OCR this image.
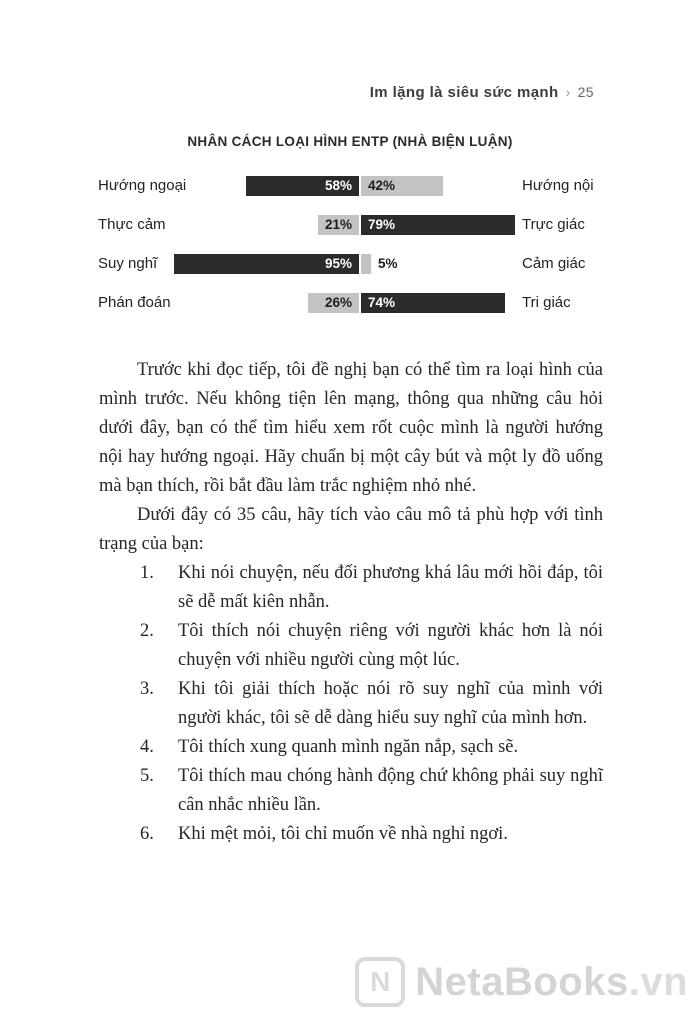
Im lặng là siêu sức mạnh › 25
NHÂN CÁCH LOẠI HÌNH ENTP (NHÀ BIỆN LUẬN)
Hướng ngoại	58% 42%	Hướng nội
Thực cảm	21% 79%	Trực giác
Suy nghĩ	95% 5%	Cảm giác
Phán đoán	26% 74%	Tri giác

Trước khi đọc tiếp, tôi đề nghị bạn có thể tìm ra loại hình của mình trước. Nếu không tiện lên mạng, thông qua những câu hỏi dưới đây, bạn có thể tìm hiểu xem rốt cuộc mình là người hướng nội hay hướng ngoại. Hãy chuẩn bị một cây bút và một ly đồ uống mà bạn thích, rồi bắt đầu làm trắc nghiệm nhỏ nhé.

Dưới đây có 35 câu, hãy tích vào câu mô tả phù hợp với tình trạng của bạn:

1.	Khi nói chuyện, nếu đối phương khá lâu mới hồi đáp, tôi sẽ dễ mất kiên nhẫn.
2.	Tôi thích nói chuyện riêng với người khác hơn là nói chuyện với nhiều người cùng một lúc.
3.	Khi tôi giải thích hoặc nói rõ suy nghĩ của mình với người khác, tôi sẽ dễ dàng hiểu suy nghĩ của mình hơn.
4.	Tôi thích xung quanh mình ngăn nắp, sạch sẽ.
5.	Tôi thích mau chóng hành động chứ không phải suy nghĩ cân nhắc nhiều lần.
6.	Khi mệt mỏi, tôi chỉ muốn về nhà nghỉ ngơi.
N NetaBooks.vn
